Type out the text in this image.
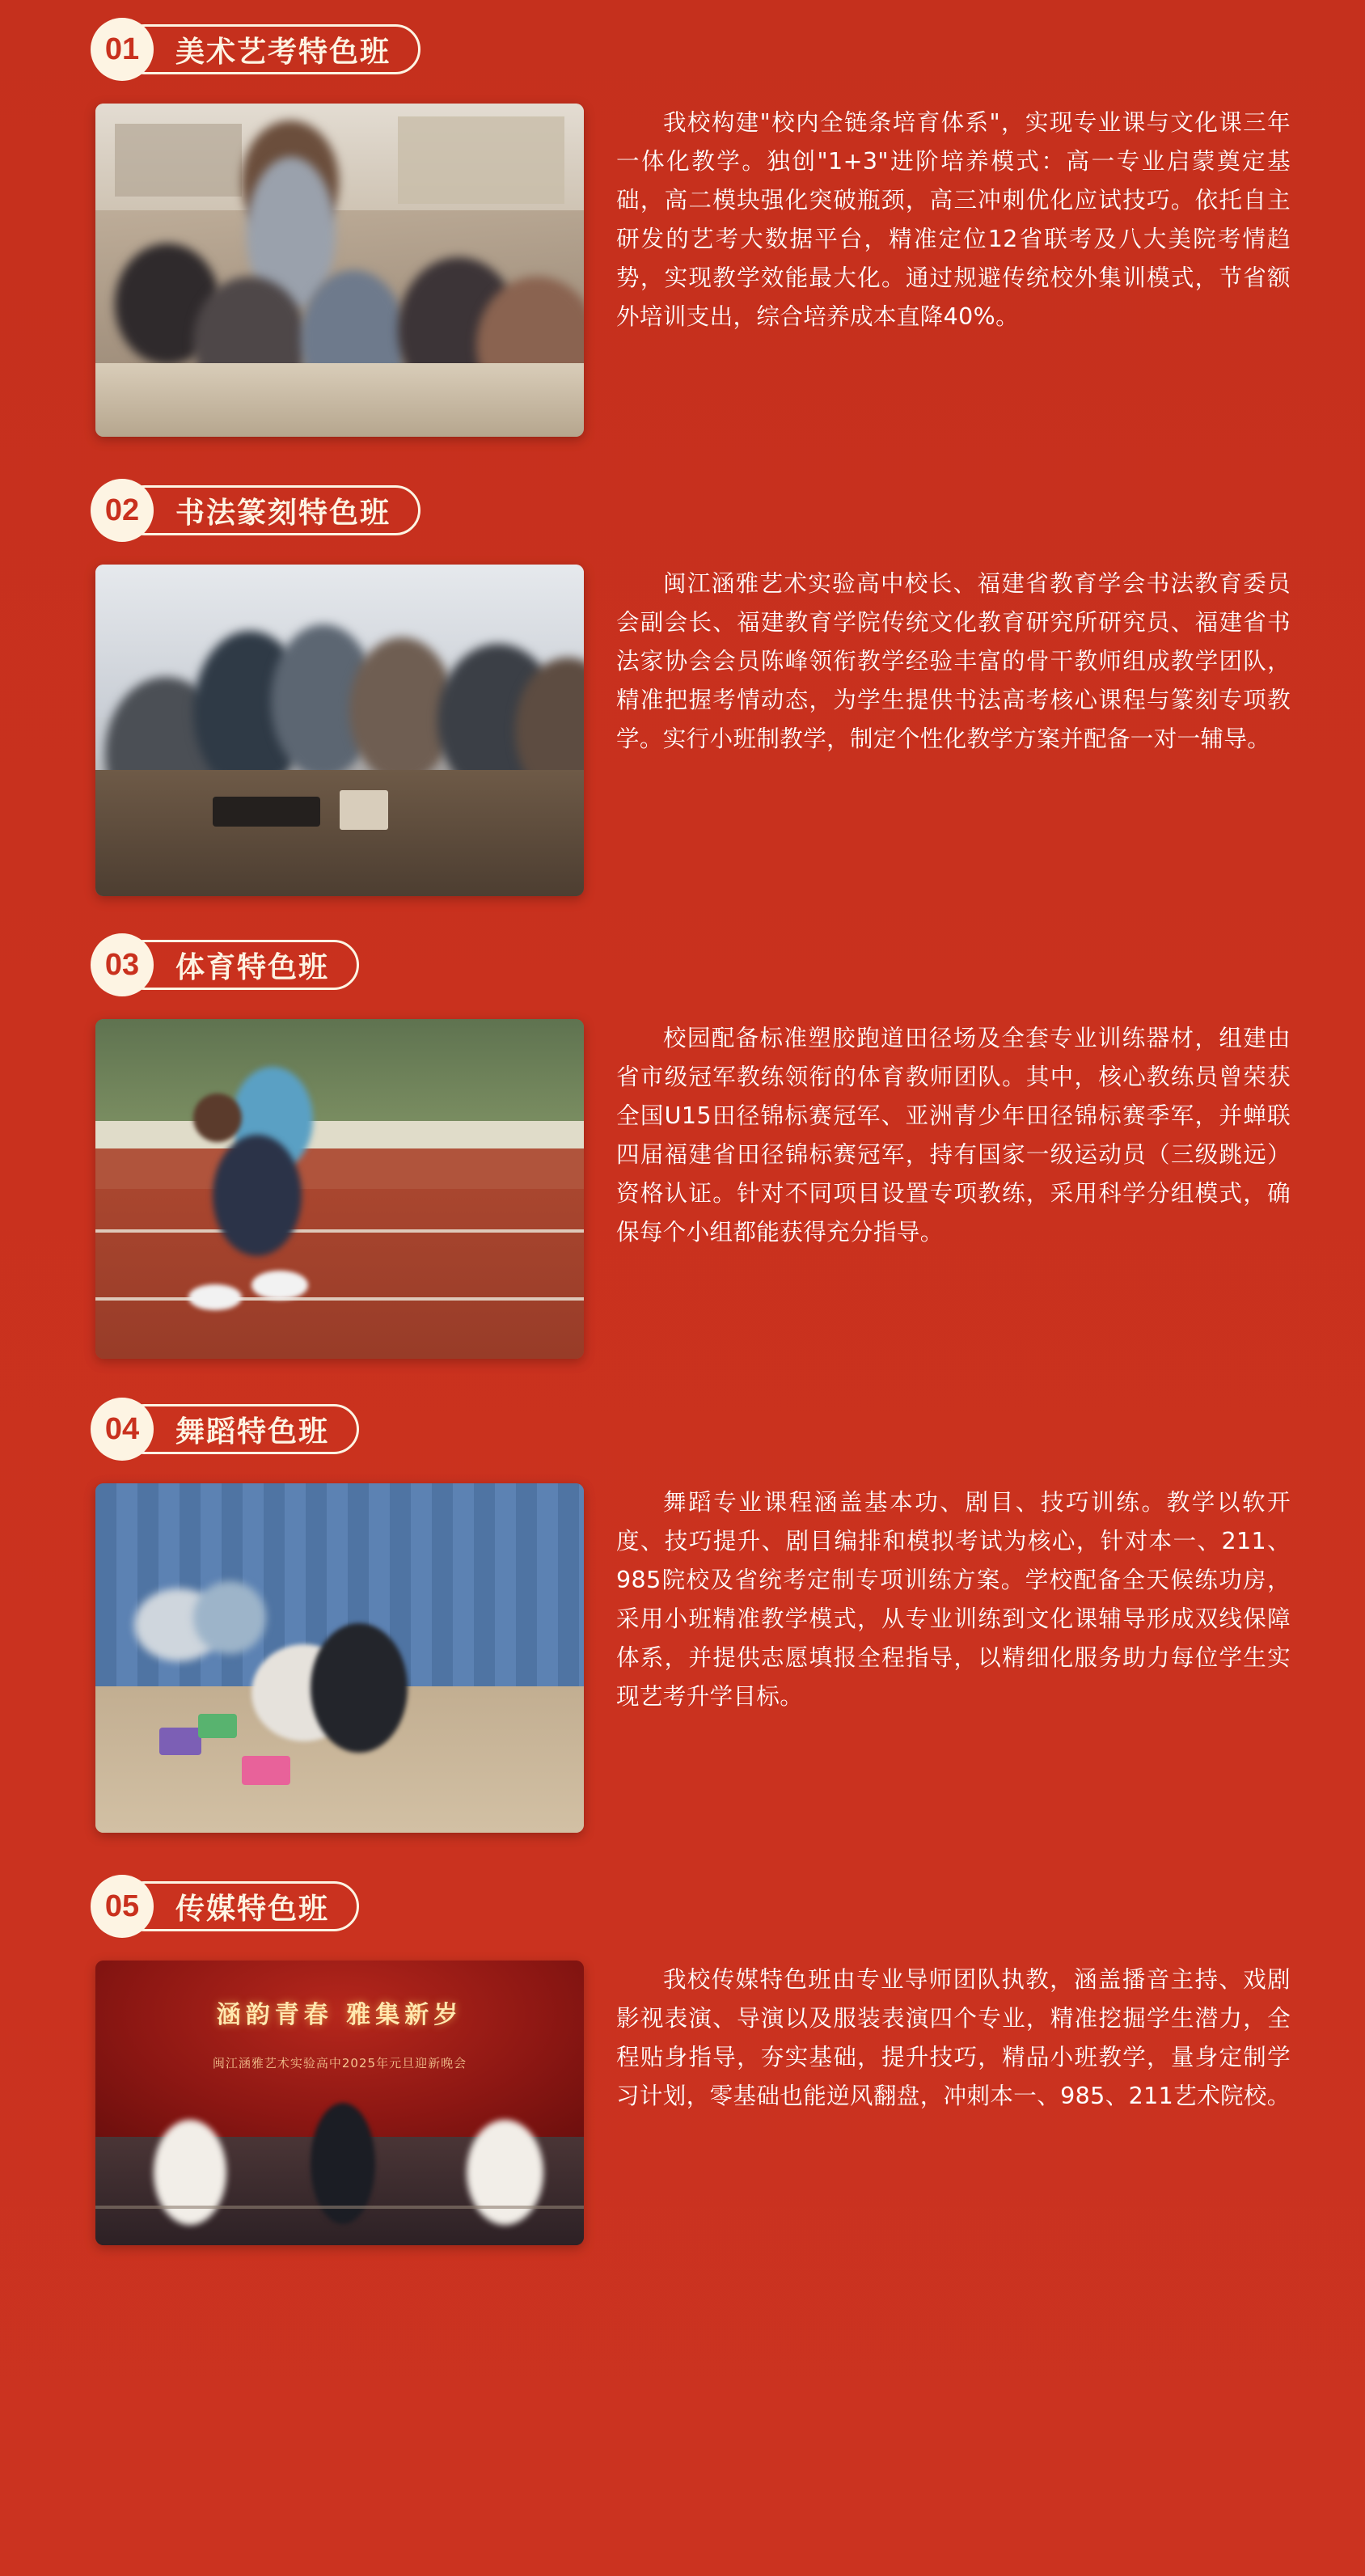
01	美术艺考特色班
我校构建"校内全链条培育体系"，实现专业课与文化课三年一体化教学。独创"1+3"进阶培养模式：高一专业启蒙奠定基础，高二模块强化突破瓶颈，高三冲刺优化应试技巧。依托自主研发的艺考大数据平台，精准定位12省联考及八大美院考情趋势，实现教学效能最大化。通过规避传统校外集训模式，节省额外培训支出，综合培养成本直降40%。
02	书法篆刻特色班
闽江涵雅艺术实验高中校长、福建省教育学会书法教育委员会副会长、福建教育学院传统文化教育研究所研究员、福建省书法家协会会员陈峰领衔教学经验丰富的骨干教师组成教学团队，精准把握考情动态，为学生提供书法高考核心课程与篆刻专项教学。实行小班制教学，制定个性化教学方案并配备一对一辅导。
03	体育特色班
校园配备标准塑胶跑道田径场及全套专业训练器材，组建由省市级冠军教练领衔的体育教师团队。其中，核心教练员曾荣获全国U15田径锦标赛冠军、亚洲青少年田径锦标赛季军，并蝉联四届福建省田径锦标赛冠军，持有国家一级运动员（三级跳远）资格认证。针对不同项目设置专项教练，采用科学分组模式，确保每个小组都能获得充分指导。
04	舞蹈特色班
舞蹈专业课程涵盖基本功、剧目、技巧训练。教学以软开度、技巧提升、剧目编排和模拟考试为核心，针对本一、211、985院校及省统考定制专项训练方案。学校配备全天候练功房，采用小班精准教学模式，从专业训练到文化课辅导形成双线保障体系，并提供志愿填报全程指导，以精细化服务助力每位学生实现艺考升学目标。
05	传媒特色班
涵韵青春 雅集新岁
闽江涵雅艺术实验高中2025年元旦迎新晚会
我校传媒特色班由专业导师团队执教，涵盖播音主持、戏剧影视表演、导演以及服装表演四个专业，精准挖掘学生潜力，全程贴身指导，夯实基础，提升技巧，精品小班教学，量身定制学习计划，零基础也能逆风翻盘，冲刺本一、985、211艺术院校。
